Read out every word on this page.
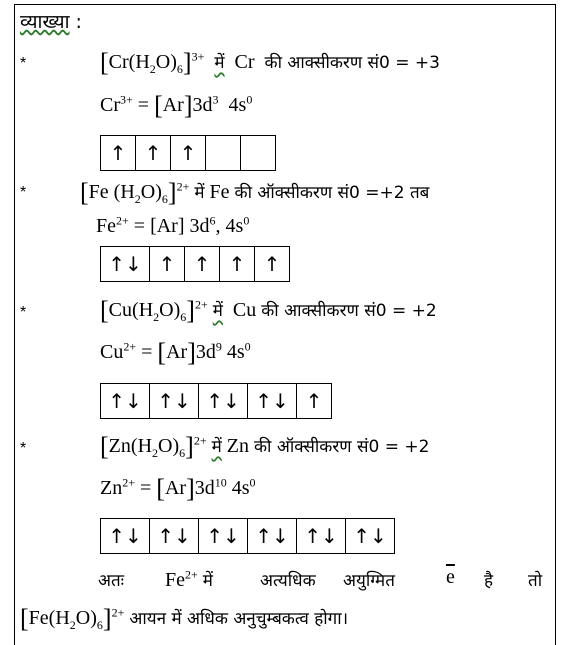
व्याख्या :
*	$[Cr(H_2O)_6]^{3+}$ में Cr की आक्सीकरण सं0 = +3
$Cr^{3+} = [Ar]3d^3$ $4s^0$
↑ ↑ ↑
* [Fe $(H_2O)_6]^{2+}$ में Fe की ऑक्सीकरण सं0 =+2 तब
$Fe^{2+} = [Ar]$ $3d^6$, $4s^0$
↑↓ ↑ ↑ ↑ ↑
*	$[Cu(H_2O)_6]^{2+}$ में Cu की आक्सीकरण सं0 = +2
$Cu^{2+} = [Ar]3d^9$ $4s^0$
↑↓ ↑↓ ↑↓ ↑↓ ↑
*	$[Zn(H_2O)_6]^{2+}$ में Zn की ऑक्सीकरण सं0 = +2
$Zn^{2+} = [Ar]3d^{10}$ $4s^0$
↑↓ ↑↓ ↑↓ ↑↓ ↑↓ ↑↓
अतः $Fe^{2+}$ में	अत्यधिक अयुग्मित	$\overline{e}$ है तो
$[Fe(H_2O)_6]^{2+}$ आयन में अधिक अनुचुम्बकत्व होगा।
